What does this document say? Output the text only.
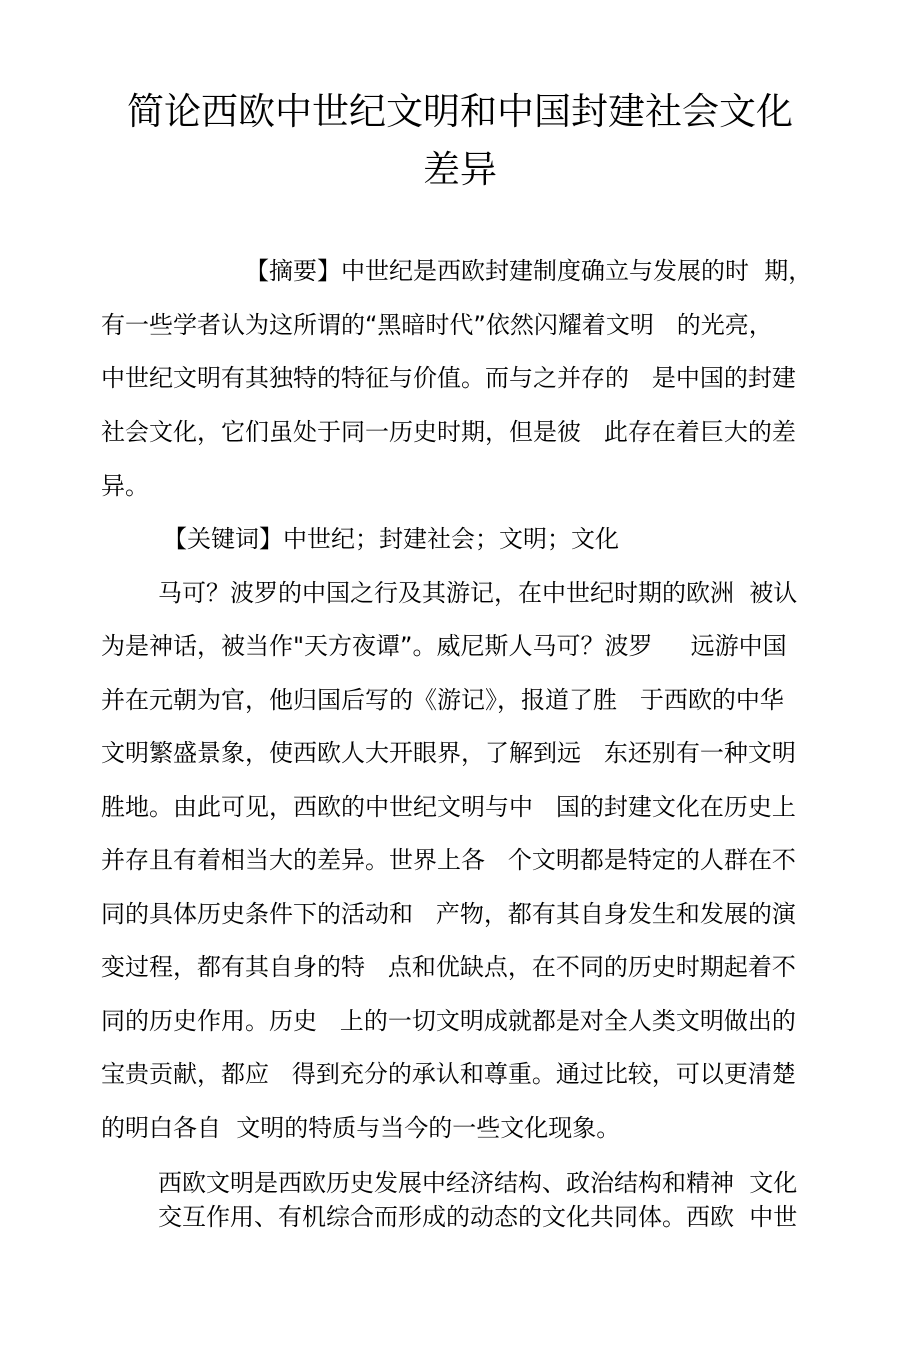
简论西欧中世纪文明和中国封建社会文化
差异
【摘要】中世纪是西欧封建制度确立与发展的时  期，
有一些学者认为这所谓的“黑暗时代”依然闪耀着文明   的光亮，
中世纪文明有其独特的特征与价值。而与之并存的   是中国的封建
社会文化，它们虽处于同一历史时期，但是彼   此存在着巨大的差
异。
【关键词】中世纪；封建社会；文明；文化
马可？波罗的中国之行及其游记，在中世纪时期的欧洲  被认
为是神话，被当作"天方夜谭”。威尼斯人马可？波罗     远游中国
并在元朝为官，他归国后写的《游记》，报道了胜   于西欧的中华
文明繁盛景象，使西欧人大开眼界，了解到远   东还别有一种文明
胜地。由此可见，西欧的中世纪文明与中   国的封建文化在历史上
并存且有着相当大的差异。世界上各   个文明都是特定的人群在不
同的具体历史条件下的活动和   产物，都有其自身发生和发展的演
变过程，都有其自身的特   点和优缺点，在不同的历史时期起着不
同的历史作用。历史   上的一切文明成就都是对全人类文明做出的
宝贵贡献，都应   得到充分的承认和尊重。通过比较，可以更清楚
的明白各自  文明的特质与当今的一些文化现象。
西欧文明是西欧历史发展中经济结构、政治结构和精神  文化
交互作用、有机综合而形成的动态的文化共同体。西欧  中世
